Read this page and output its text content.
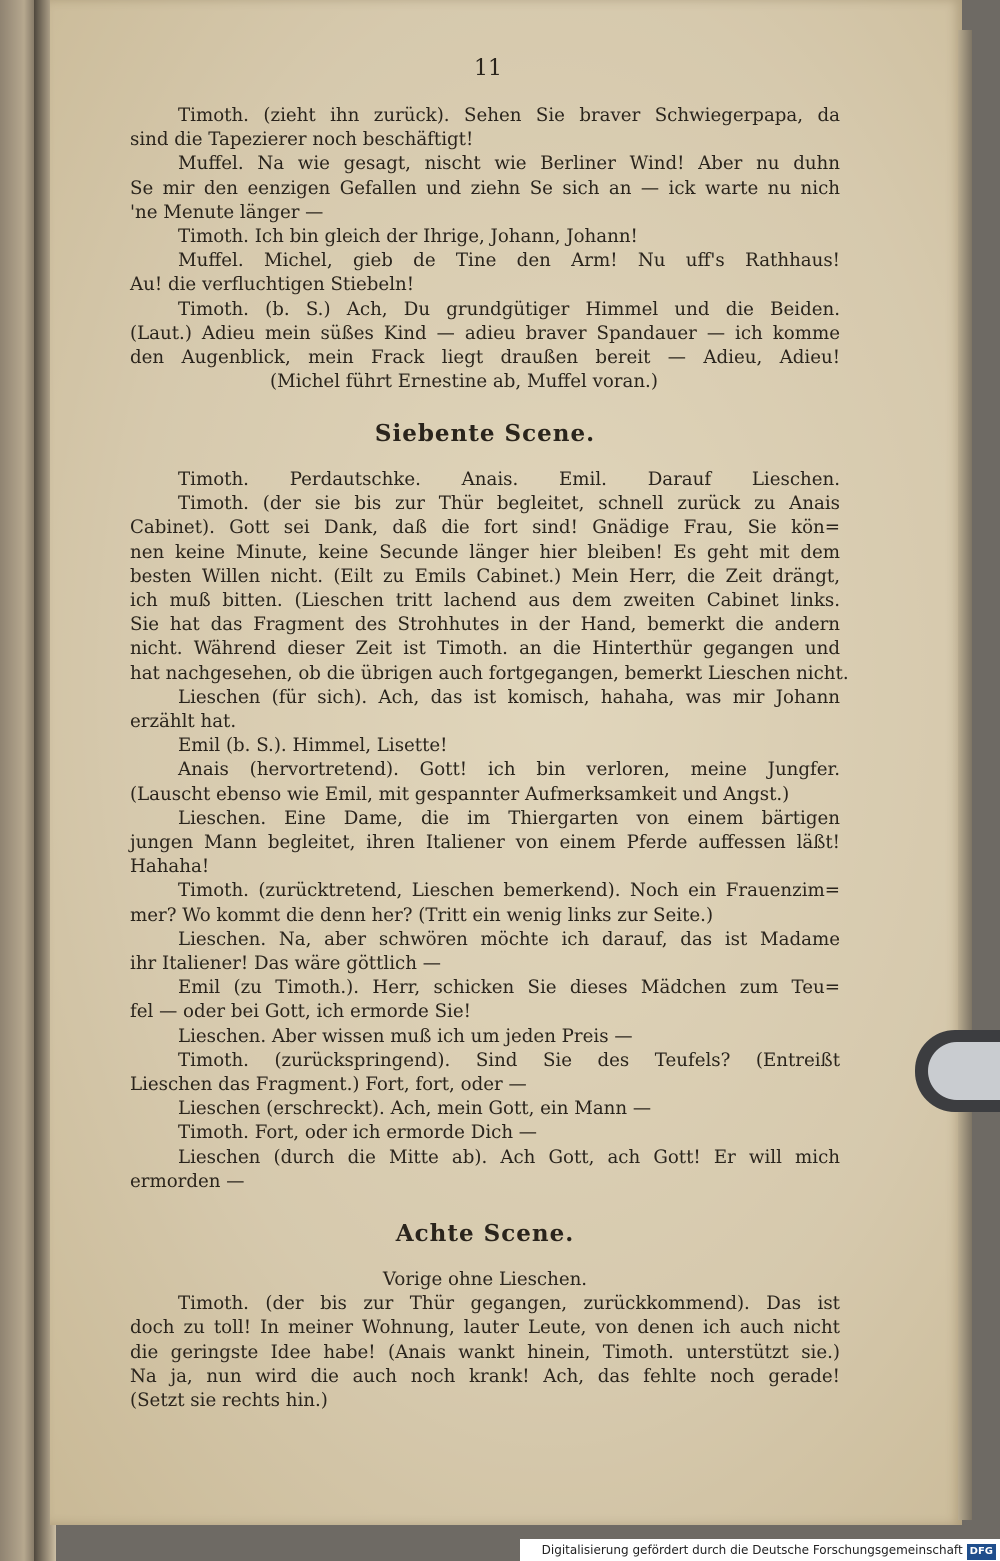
11
Timoth. (zieht ihn zurück). Sehen Sie braver Schwiegerpapa, da
sind die Tapezierer noch beschäftigt!
Muffel. Na wie gesagt, nischt wie Berliner Wind! Aber nu duhn
Se mir den eenzigen Gefallen und ziehn Se sich an — ick warte nu nich
'ne Menute länger —
Timoth. Ich bin gleich der Ihrige, Johann, Johann!
Muffel. Michel, gieb de Tine den Arm! Nu uff's Rathhaus!
Au! die verfluchtigen Stiebeln!
Timoth. (b. S.) Ach, Du grundgütiger Himmel und die Beiden.
(Laut.) Adieu mein süßes Kind — adieu braver Spandauer — ich komme
den Augenblick, mein Frack liegt draußen bereit — Adieu, Adieu!
(Michel führt Ernestine ab, Muffel voran.)
Siebente Scene.
Timoth. Perdautschke. Anais. Emil. Darauf Lieschen.
Timoth. (der sie bis zur Thür begleitet, schnell zurück zu Anais
Cabinet). Gott sei Dank, daß die fort sind! Gnädige Frau, Sie kön=
nen keine Minute, keine Secunde länger hier bleiben! Es geht mit dem
besten Willen nicht. (Eilt zu Emils Cabinet.) Mein Herr, die Zeit drängt,
ich muß bitten. (Lieschen tritt lachend aus dem zweiten Cabinet links.
Sie hat das Fragment des Strohhutes in der Hand, bemerkt die andern
nicht. Während dieser Zeit ist Timoth. an die Hinterthür gegangen und
hat nachgesehen, ob die übrigen auch fortgegangen, bemerkt Lieschen nicht.
Lieschen (für sich). Ach, das ist komisch, hahaha, was mir Johann
erzählt hat.
Emil (b. S.). Himmel, Lisette!
Anais (hervortretend). Gott! ich bin verloren, meine Jungfer.
(Lauscht ebenso wie Emil, mit gespannter Aufmerksamkeit und Angst.)
Lieschen. Eine Dame, die im Thiergarten von einem bärtigen
jungen Mann begleitet, ihren Italiener von einem Pferde auffessen läßt!
Hahaha!
Timoth. (zurücktretend, Lieschen bemerkend). Noch ein Frauenzim=
mer? Wo kommt die denn her? (Tritt ein wenig links zur Seite.)
Lieschen. Na, aber schwören möchte ich darauf, das ist Madame
ihr Italiener! Das wäre göttlich —
Emil (zu Timoth.). Herr, schicken Sie dieses Mädchen zum Teu=
fel — oder bei Gott, ich ermorde Sie!
Lieschen. Aber wissen muß ich um jeden Preis —
Timoth. (zurückspringend). Sind Sie des Teufels? (Entreißt
Lieschen das Fragment.) Fort, fort, oder —
Lieschen (erschreckt). Ach, mein Gott, ein Mann —
Timoth. Fort, oder ich ermorde Dich —
Lieschen (durch die Mitte ab). Ach Gott, ach Gott! Er will mich
ermorden —
Achte Scene.
Vorige ohne Lieschen.
Timoth. (der bis zur Thür gegangen, zurückkommend). Das ist
doch zu toll! In meiner Wohnung, lauter Leute, von denen ich auch nicht
die geringste Idee habe! (Anais wankt hinein, Timoth. unterstützt sie.)
Na ja, nun wird die auch noch krank! Ach, das fehlte noch gerade!
(Setzt sie rechts hin.)
Digitalisierung gefördert durch die Deutsche Forschungsgemeinschaft DFG
